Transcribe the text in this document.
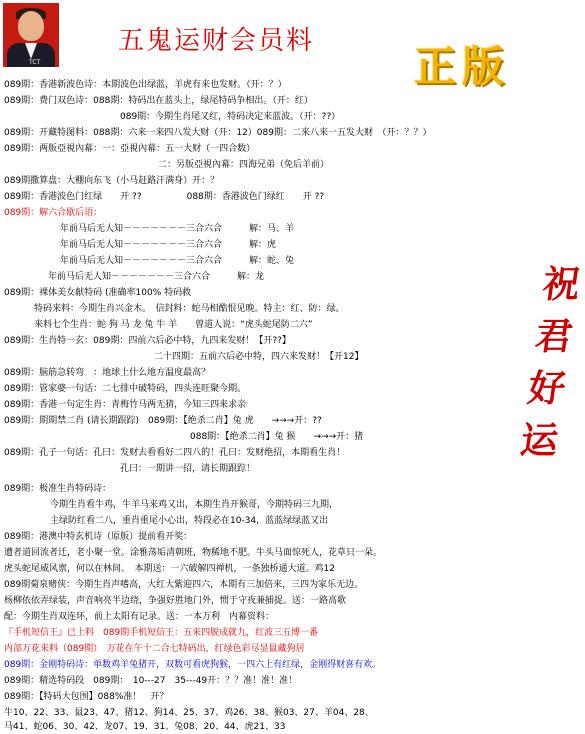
TCT
五鬼运财会员料
正版
祝
君
好
运
089期：香港新波色诗：本期波色出绿蓝，羊虎有来也发财。（开：？）
089期：费门双色诗：088期：特码出在蓝头上，绿尾特码争相出。（开：红）
089期：今期生肖尾又红，特码决定来蓝波。（开：??）
089期：开藏特图料：088期：六来一来四八发大财（开：12）089期：二来八来一五发大财　（开：？？）
089期：两版亞視內幕：一：亞視內幕：五一大财（一四合数）
二：另版亞視內幕：四海兄弟（免后羊前）
089期撒算盘：大棚向东飞（小马赶路汗满身）开：？
089期：香港波色门红绿　　开 ??　　　　　088期：香港波色门绿红　　开 ??
089期：解六合歇后语：
年前马后无人知－－－－－－－三合六合　　　解：马、羊
年前马后无人知－－－－－－－三合六合　　　解：虎
年前马后无人知－－－－－－－三合六合　　　解：蛇、兔
年前马后无人知－－－－－－－三合六合　　　解：龙
089期：裸体美女献特码 (准确率100% 特码救
特码来料：今期生肖兴金木。　信封料：蛇马相酷恨见晚。特主：红、防：绿。
来料七个生肖：蛇 狗 马 龙 兔 牛 羊　　曾道人说：“虎头蛇尾防二六”
089期：生肖特一玄：089期：四前六后必中特，九四来发财！【开??】
二十四期：五前六后必中特，四六来发财！【开12】
089期：脑筋急转弯　：地球上什么地方温度最高？
089期：管家婆一句话：二七排中破特码，四头连旺聚今期。
089期：香港一句定生肖：青梅竹马两无猜，今知三四来求亲
089期：期期禁二肖 (请长期跟踪)　089期：【绝杀二肖】兔 虎　　→→→开：??
088期：【绝杀二肖】兔 猴　　→→→开：猪
089期：孔子一句话：孔曰：发财去看看好二四八的！孔曰：发财绝招，本期看生肖！
孔曰：一期讲一招，请长期跟踪！
089期：极准生肖特码诗：
今期生肖看牛鸡，牛羊马来鸡又出，本期生肖开猴哥，今期特码三九期，
主绿防红看二八，重肖重尾小心出，特段必在10-34，蓝蓝绿绿蓝又出
089期：港澳中特玄机诗（原版）提前看开奖：
遭者道回流者迁，老小聚一堂。涂雅荡垢清朝班，物稀地不肥。牛头马面惊死人，花草只一朵。
虎头蛇尾威风禀，何以在林间。　本期送：一六破解四禅机，一条独桥通大道。鸡12
089期菊泉赌侠：今期生肖声嗜高，大红大紫迎四六，本期有三加倍来，三四为家乐无边。
杨柳依依弄绿装，声音响亮半边绕，争强好胜地门外，惯于守夜兼捕捉。送：一路高歌
配：今期生肖双连环，前上太阳有记录。送：一本万利　内幕资料：
『手机短信王』已上料　089期手机短信王：五来四脱成就九，红波三五博一番
内部万花来料（089期）　万花在午十二合七特码出，红绿色彩尽显鼠藏狗居
089期：金刚特码诗：单数鸡羊兔猪开，双数可看虎狗猴，一四六上有红绿，金刚得财喜有欢。
089期：精选特码段　089期：　10---27　35---49开：？？准！准！准！
089期：【特码大包围】088%准！　开？
牛10、22、33、鼠23、47、猪12、狗14、25、37、鸡26、38、猴03、27、羊04、28、
马41、蛇06、30、42、龙07、19、31、兔08、20、44、虎21、33
